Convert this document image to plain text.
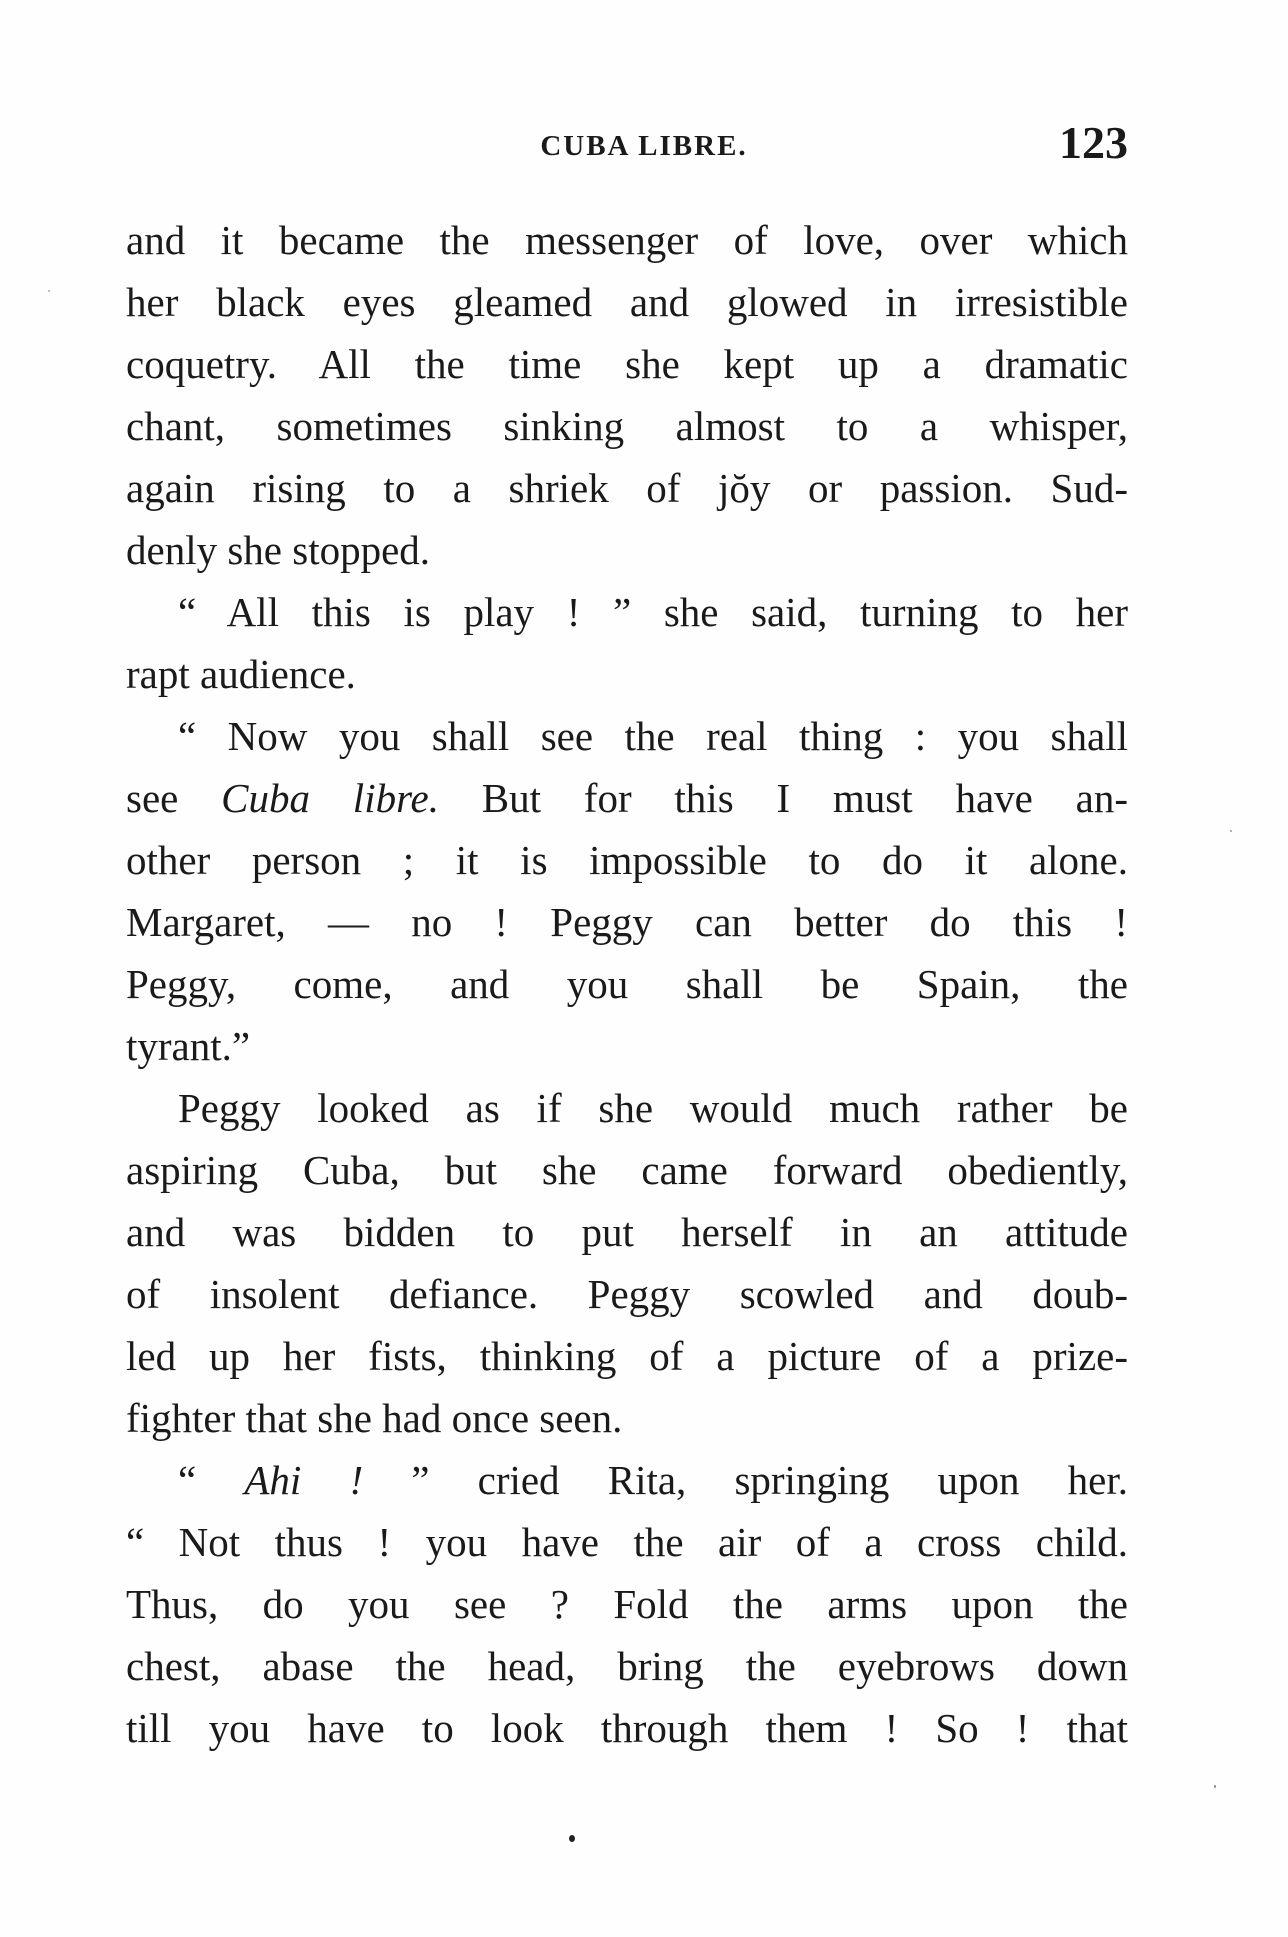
CUBA LIBRE.	123
and it became the messenger of love, over which
her black eyes gleamed and glowed in irresistible
coquetry. All the time she kept up a dramatic
chant, sometimes sinking almost to a whisper,
again rising to a shriek of jŏy or passion. Sud-
denly she stopped.
“ All this is play ! ” she said, turning to her
rapt audience.
“ Now you shall see the real thing : you shall
see Cuba libre. But for this I must have an-
other person ; it is impossible to do it alone.
Margaret, — no ! Peggy can better do this !
Peggy, come, and you shall be Spain, the
tyrant.”
Peggy looked as if she would much rather be
aspiring Cuba, but she came forward obediently,
and was bidden to put herself in an attitude
of insolent defiance. Peggy scowled and doub-
led up her fists, thinking of a picture of a prize-
fighter that she had once seen.
“ Ahi ! ” cried Rita, springing upon her.
“ Not thus ! you have the air of a cross child.
Thus, do you see ? Fold the arms upon the
chest, abase the head, bring the eyebrows down
till you have to look through them ! So ! that
